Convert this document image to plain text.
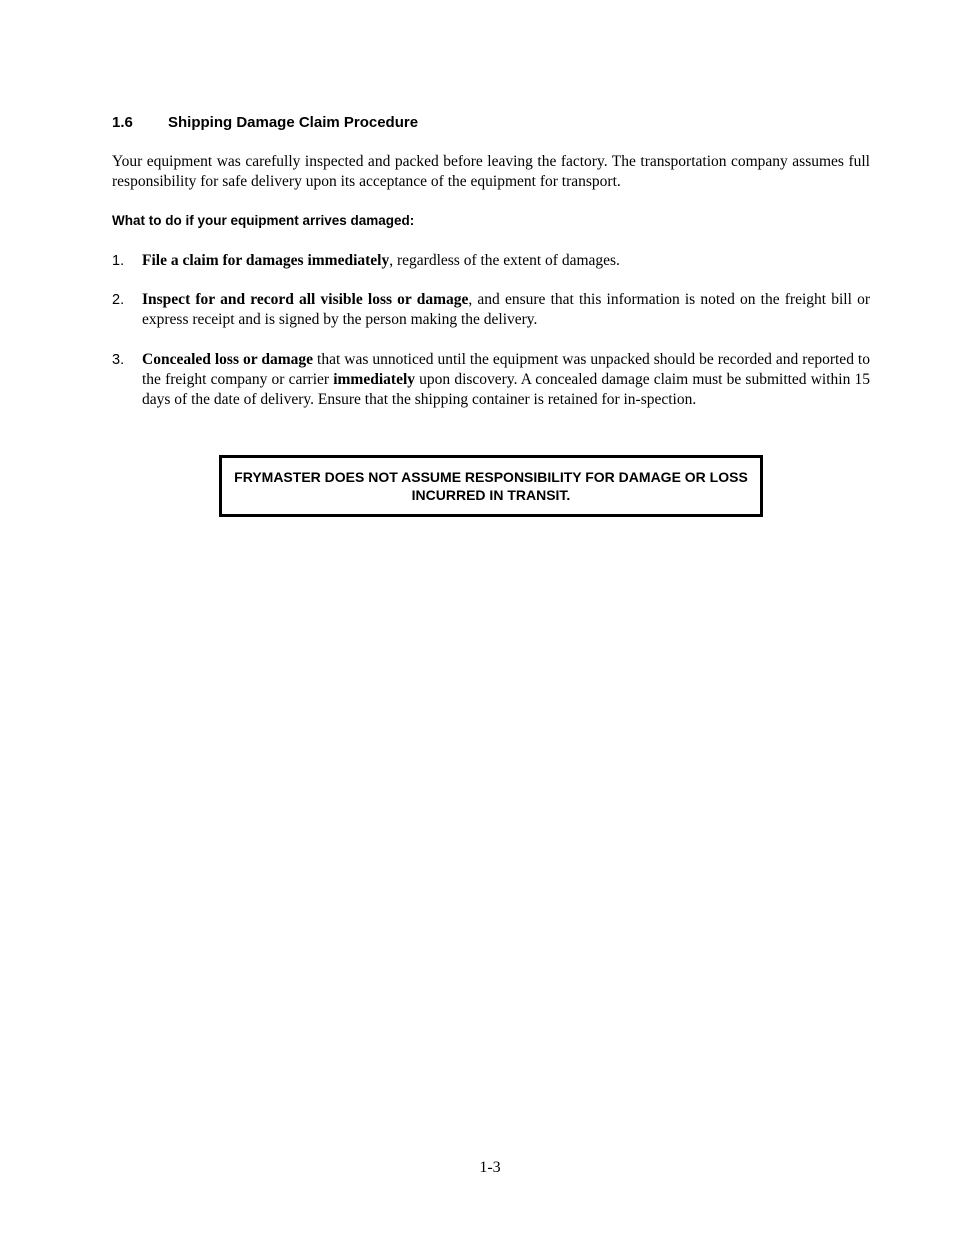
1.6 Shipping Damage Claim Procedure

Your equipment was carefully inspected and packed before leaving the factory. The transportation company assumes full responsibility for safe delivery upon its acceptance of the equipment for transport.

What to do if your equipment arrives damaged:
1. File a claim for damages immediately, regardless of the extent of damages.

2. Inspect for and record all visible loss or damage, and ensure that this information is noted on the freight bill or express receipt and is signed by the person making the delivery.

3. Concealed loss or damage that was unnoticed until the equipment was unpacked should be recorded and reported to the freight company or carrier immediately upon discovery. A concealed damage claim must be submitted within 15 days of the date of delivery. Ensure that the shipping container is retained for in-spection.

FRYMASTER DOES NOT ASSUME RESPONSIBILITY FOR DAMAGE OR LOSS INCURRED IN TRANSIT.

1-3
